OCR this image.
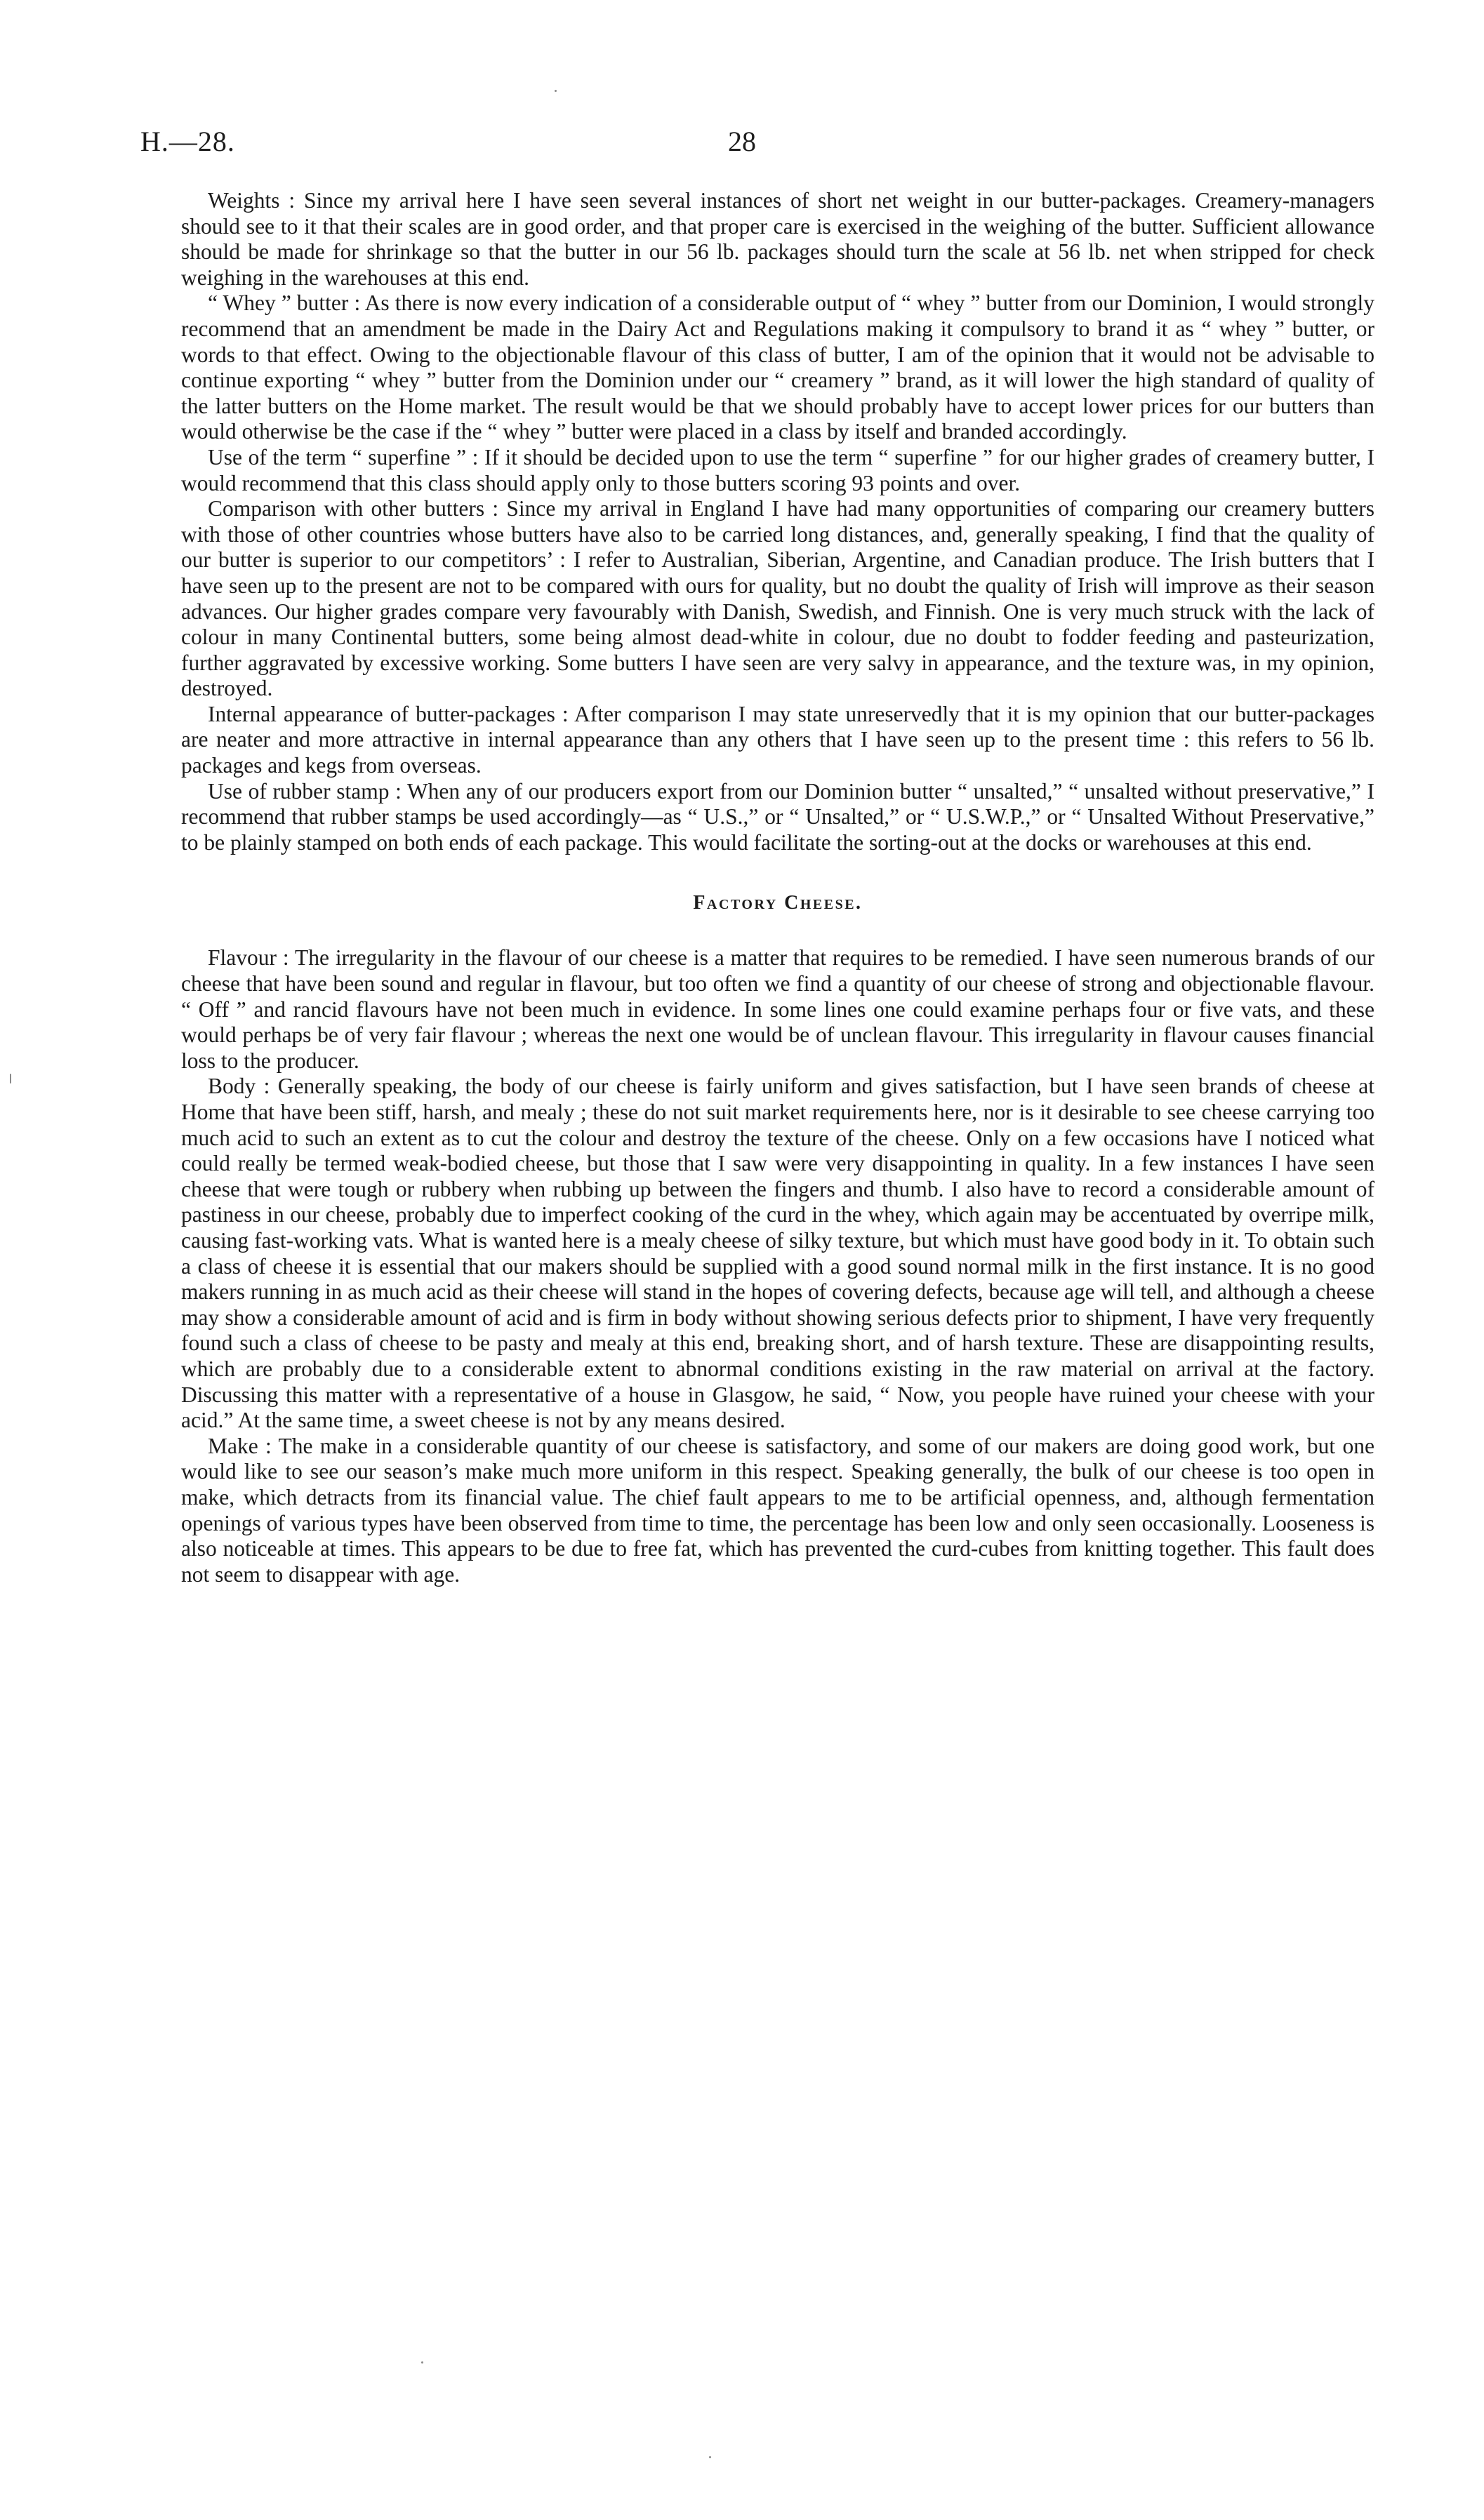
H.—28.	28

Weights : Since my arrival here I have seen several instances of short net weight in our butter-packages. Creamery-managers should see to it that their scales are in good order, and that proper care is exercised in the weighing of the butter. Sufficient allowance should be made for shrinkage so that the butter in our 56 lb. packages should turn the scale at 56 lb. net when stripped for check weighing in the warehouses at this end.

“ Whey ” butter : As there is now every indication of a considerable output of “ whey ” butter from our Dominion, I would strongly recommend that an amendment be made in the Dairy Act and Regulations making it compulsory to brand it as “ whey ” butter, or words to that effect. Owing to the objectionable flavour of this class of butter, I am of the opinion that it would not be advisable to continue exporting “ whey ” butter from the Dominion under our “ creamery ” brand, as it will lower the high standard of quality of the latter butters on the Home market. The result would be that we should probably have to accept lower prices for our butters than would otherwise be the case if the “ whey ” butter were placed in a class by itself and branded accordingly.

Use of the term “ superfine ” : If it should be decided upon to use the term “ superfine ” for our higher grades of creamery butter, I would recommend that this class should apply only to those butters scoring 93 points and over.

Comparison with other butters : Since my arrival in England I have had many opportunities of comparing our creamery butters with those of other countries whose butters have also to be carried long distances, and, generally speaking, I find that the quality of our butter is superior to our competitors’ : I refer to Australian, Siberian, Argentine, and Canadian produce. The Irish butters that I have seen up to the present are not to be compared with ours for quality, but no doubt the quality of Irish will improve as their season advances. Our higher grades compare very favourably with Danish, Swedish, and Finnish. One is very much struck with the lack of colour in many Continental butters, some being almost dead-white in colour, due no doubt to fodder feeding and pasteurization, further aggravated by excessive working. Some butters I have seen are very salvy in appearance, and the texture was, in my opinion, destroyed.

Internal appearance of butter-packages : After comparison I may state unreservedly that it is my opinion that our butter-packages are neater and more attractive in internal appearance than any others that I have seen up to the present time : this refers to 56 lb. packages and kegs from overseas.

Use of rubber stamp : When any of our producers export from our Dominion butter “ unsalted,” “ unsalted without preservative,” I recommend that rubber stamps be used accordingly—as “ U.S.,” or “ Unsalted,” or “ U.S.W.P.,” or “ Unsalted Without Preservative,” to be plainly stamped on both ends of each package. This would facilitate the sorting-out at the docks or warehouses at this end.

Factory Cheese.

Flavour : The irregularity in the flavour of our cheese is a matter that requires to be remedied. I have seen numerous brands of our cheese that have been sound and regular in flavour, but too often we find a quantity of our cheese of strong and objectionable flavour. “ Off ” and rancid flavours have not been much in evidence. In some lines one could examine perhaps four or five vats, and these would perhaps be of very fair flavour ; whereas the next one would be of unclean flavour. This irregularity in flavour causes financial loss to the producer.

Body : Generally speaking, the body of our cheese is fairly uniform and gives satisfaction, but I have seen brands of cheese at Home that have been stiff, harsh, and mealy ; these do not suit market requirements here, nor is it desirable to see cheese carrying too much acid to such an extent as to cut the colour and destroy the texture of the cheese. Only on a few occasions have I noticed what could really be termed weak-bodied cheese, but those that I saw were very disappointing in quality. In a few instances I have seen cheese that were tough or rubbery when rubbing up between the fingers and thumb. I also have to record a considerable amount of pastiness in our cheese, probably due to imperfect cooking of the curd in the whey, which again may be accentuated by overripe milk, causing fast-working vats. What is wanted here is a mealy cheese of silky texture, but which must have good body in it. To obtain such a class of cheese it is essential that our makers should be supplied with a good sound normal milk in the first instance. It is no good makers running in as much acid as their cheese will stand in the hopes of covering defects, because age will tell, and although a cheese may show a considerable amount of acid and is firm in body without showing serious defects prior to shipment, I have very frequently found such a class of cheese to be pasty and mealy at this end, breaking short, and of harsh texture. These are disappointing results, which are probably due to a considerable extent to abnormal conditions existing in the raw material on arrival at the factory. Discussing this matter with a representative of a house in Glasgow, he said, “ Now, you people have ruined your cheese with your acid.” At the same time, a sweet cheese is not by any means desired.

Make : The make in a considerable quantity of our cheese is satisfactory, and some of our makers are doing good work, but one would like to see our season’s make much more uniform in this respect. Speaking generally, the bulk of our cheese is too open in make, which detracts from its financial value. The chief fault appears to me to be artificial openness, and, although fermentation openings of various types have been observed from time to time, the percentage has been low and only seen occasionally. Looseness is also noticeable at times. This appears to be due to free fat, which has prevented the curd-cubes from knitting together. This fault does not seem to disappear with age.
